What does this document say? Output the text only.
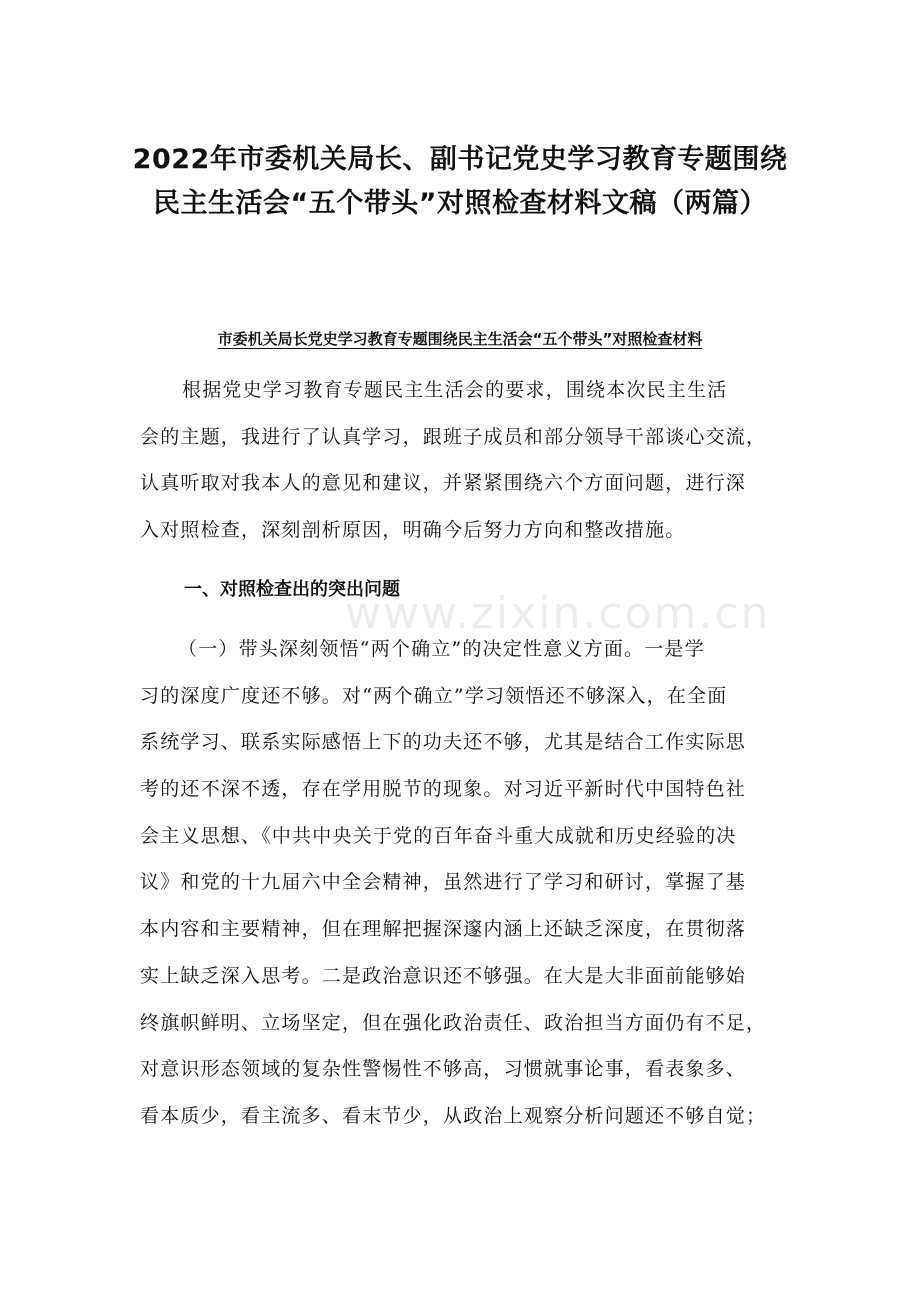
2022年市委机关局长、副书记党史学习教育专题围绕
民主生活会“五个带头”对照检查材料文稿（两篇）
市委机关局长党史学习教育专题围绕民主生活会“五个带头”对照检查材料
根据党史学习教育专题民主生活会的要求，围绕本次民主生活
会的主题，我进行了认真学习，跟班子成员和部分领导干部谈心交流，
认真听取对我本人的意见和建议，并紧紧围绕六个方面问题，进行深
入对照检查，深刻剖析原因，明确今后努力方向和整改措施。
一、对照检查出的突出问题
www.zixin.com.cn
（一）带头深刻领悟“两个确立”的决定性意义方面。一是学
习的深度广度还不够。对“两个确立”学习领悟还不够深入，在全面
系统学习、联系实际感悟上下的功夫还不够，尤其是结合工作实际思
考的还不深不透，存在学用脱节的现象。对习近平新时代中国特色社
会主义思想、《中共中央关于党的百年奋斗重大成就和历史经验的决
议》和党的十九届六中全会精神，虽然进行了学习和研讨，掌握了基
本内容和主要精神，但在理解把握深邃内涵上还缺乏深度，在贯彻落
实上缺乏深入思考。二是政治意识还不够强。在大是大非面前能够始
终旗帜鲜明、立场坚定，但在强化政治责任、政治担当方面仍有不足，
对意识形态领域的复杂性警惕性不够高，习惯就事论事，看表象多、
看本质少，看主流多、看末节少，从政治上观察分析问题还不够自觉；
